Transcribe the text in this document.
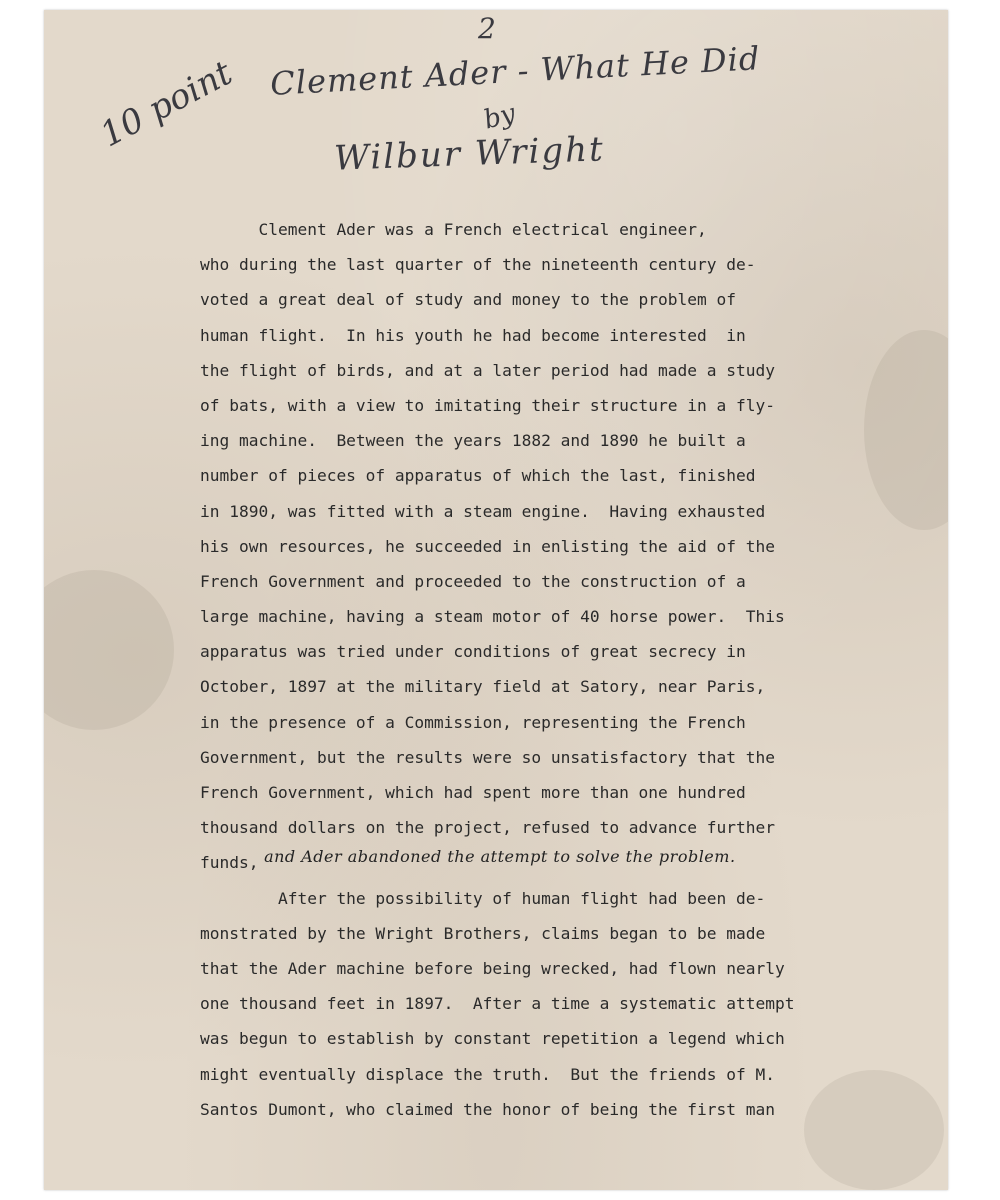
10 point
2
Clement Ader - What He Did
by
Wilbur Wright
Clement Ader was a French electrical engineer,
who during the last quarter of the nineteenth century de-
voted a great deal of study and money to the problem of
human flight.  In his youth he had become interested  in
the flight of birds, and at a later period had made a study
of bats, with a view to imitating their structure in a fly-
ing machine.  Between the years 1882 and 1890 he built a
number of pieces of apparatus of which the last, finished
in 1890, was fitted with a steam engine.  Having exhausted
his own resources, he succeeded in enlisting the aid of the
French Government and proceeded to the construction of a
large machine, having a steam motor of 40 horse power.  This
apparatus was tried under conditions of great secrecy in
October, 1897 at the military field at Satory, near Paris,
in the presence of a Commission, representing the French
Government, but the results were so unsatisfactory that the
French Government, which had spent more than one hundred
thousand dollars on the project, refused to advance further
funds, and Ader abandoned the attempt to solve the problem.
After the possibility of human flight had been de-
monstrated by the Wright Brothers, claims began to be made
that the Ader machine before being wrecked, had flown nearly
one thousand feet in 1897.  After a time a systematic attempt
was begun to establish by constant repetition a legend which
might eventually displace the truth.  But the friends of M.
Santos Dumont, who claimed the honor of being the first man
